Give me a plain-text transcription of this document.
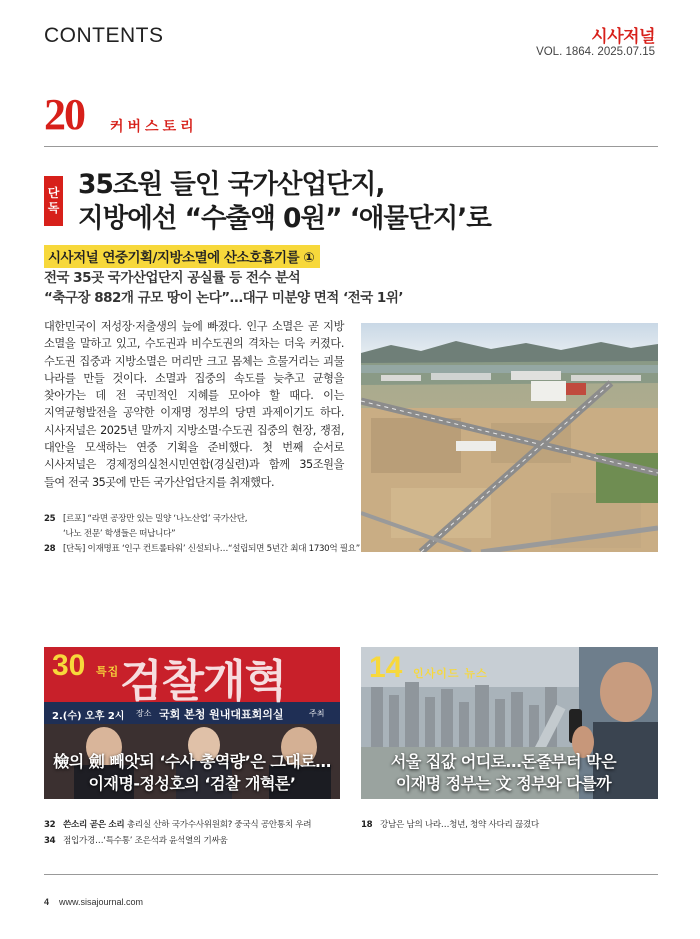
CONTENTS	시사저널
VOL. 1864. 2025.07.15
20 커버스토리
단
독
35조원 들인 국가산업단지,
지방에선 “수출액 0원” ‘애물단지’로
시사저널 연중기획/지방소멸에 산소호흡기를 ①
전국 35곳 국가산업단지 공실률 등 전수 분석
“축구장 882개 규모 땅이 논다”…대구 미분양 면적 ‘전국 1위’
대한민국이 저성장·저출생의 늪에 빠졌다. 인구 소멸은 곧 지방 소멸을 말하고 있고, 수도권과 비수도권의 격차는 더욱 커졌다. 수도권 집중과 지방소멸은 머리만 크고 몸체는 흐물거리는 괴물 나라를 만들 것이다. 소멸과 집중의 속도를 늦추고 균형을 찾아가는 데 전 국민적인 지혜를 모아야 할 때다. 이는 지역균형발전을 공약한 이재명 정부의 당면 과제이기도 하다. 시사저널은 2025년 말까지 지방소멸·수도권 집중의 현장, 쟁점, 대안을 모색하는 연중 기획을 준비했다. 첫 번째 순서로 시사저널은 경제정의실천시민연합(경실련)과 함께 35조원을 들여 전국 35곳에 만든 국가산업단지를 취재했다.
25 [르포] “라면 공장만 있는 밀양 ‘나노산업’ 국가산단,
‘나노 전문’ 학생들은 떠납니다”
28 [단독] 이재명표 ‘인구 컨트롤타워’ 신설되나…“설립되면 5년간 최대 1730억 필요”
검찰개혁
2.(수) 오후 2시 장소 국회 본청 원내대표회의실	주최
30 특집
檢의 劍 빼앗되 ‘수사 총역량’은 그대로…
이재명-정성호의 ‘검찰 개혁론’
14 인사이드 뉴스
서울 집값 어디로…돈줄부터 막은
이재명 정부는 文 정부와 다를까
32 쓴소리 곧은 소리 총리실 산하 국가수사위원회? 중국식 공안통치 우려
34 점입가경…‘특수통’ 조은석과 윤석열의 기싸움
18 강남은 남의 나라…청년, 청약 사다리 끊겼다
4 www.sisajournal.com
